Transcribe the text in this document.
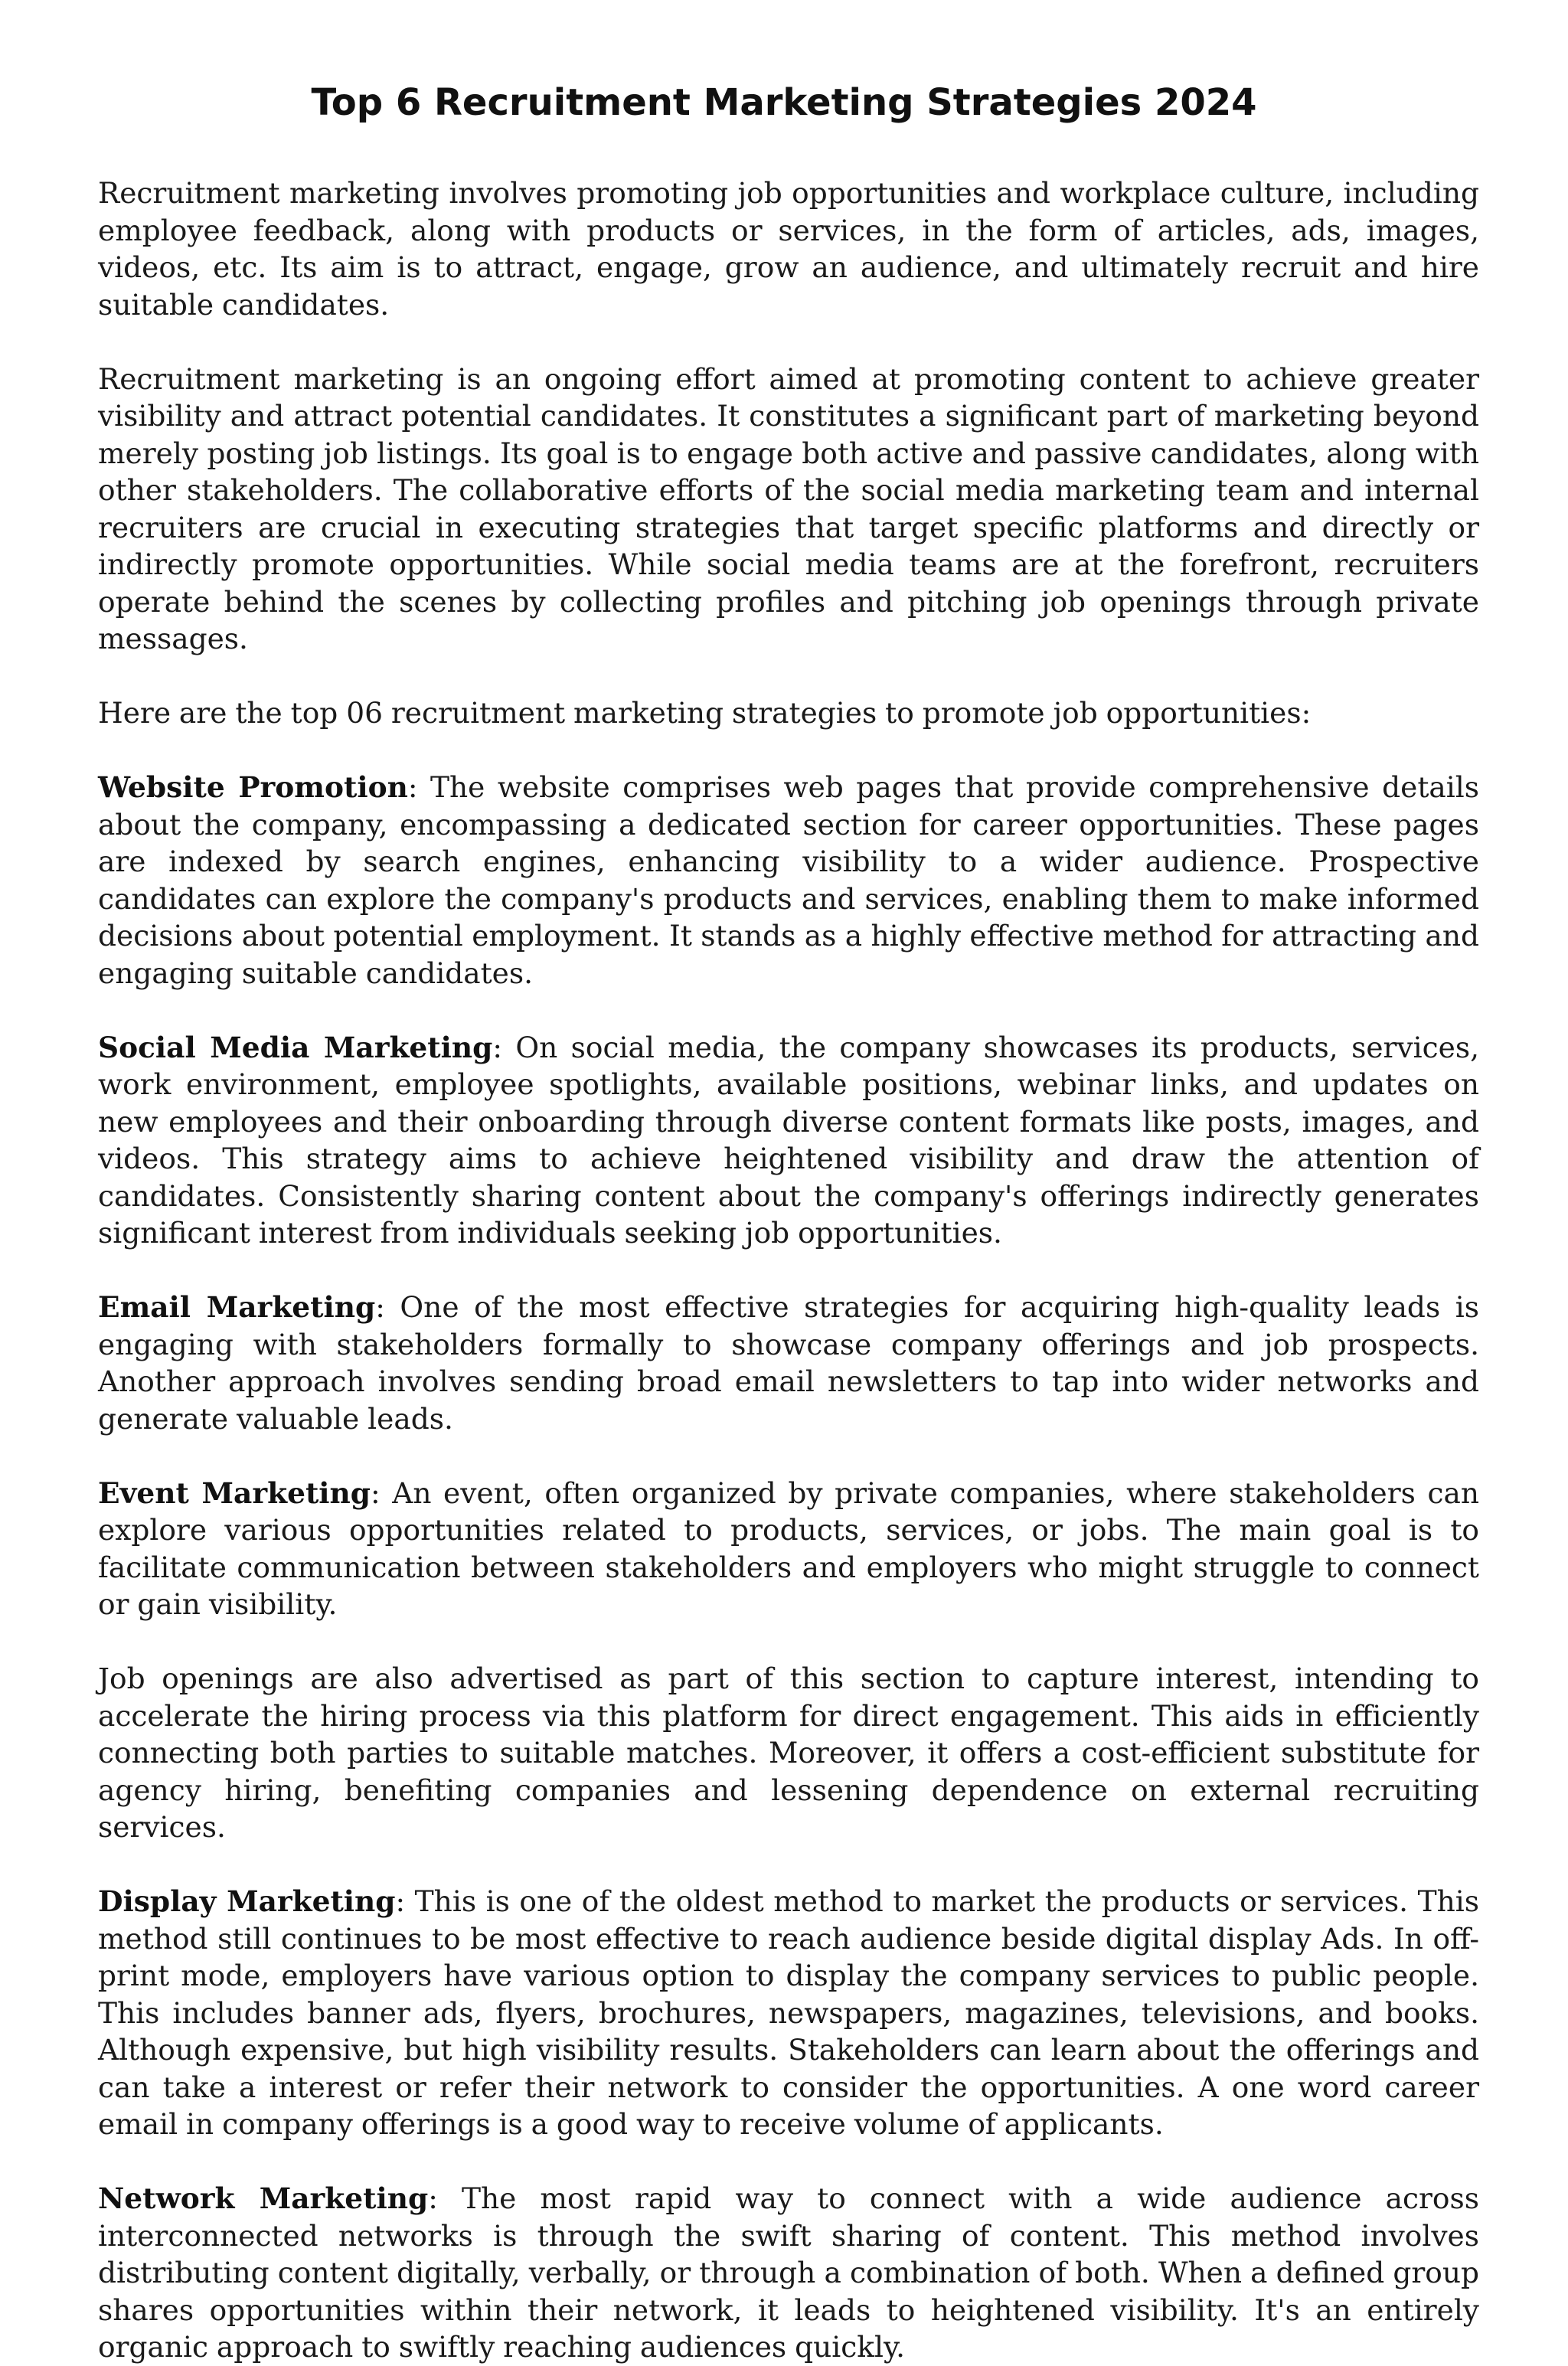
Top 6 Recruitment Marketing Strategies 2024

Recruitment marketing involves promoting job opportunities and workplace culture, including employee feedback, along with products or services, in the form of articles, ads, images, videos, etc. Its aim is to attract, engage, grow an audience, and ultimately recruit and hire suitable candidates.

Recruitment marketing is an ongoing effort aimed at promoting content to achieve greater visibility and attract potential candidates. It constitutes a significant part of marketing beyond merely posting job listings. Its goal is to engage both active and passive candidates, along with other stakeholders. The collaborative efforts of the social media marketing team and internal recruiters are crucial in executing strategies that target specific platforms and directly or indirectly promote opportunities. While social media teams are at the forefront, recruiters operate behind the scenes by collecting profiles and pitching job openings through private messages.

Here are the top 06 recruitment marketing strategies to promote job opportunities:

Website Promotion: The website comprises web pages that provide comprehensive details about the company, encompassing a dedicated section for career opportunities. These pages are indexed by search engines, enhancing visibility to a wider audience. Prospective candidates can explore the company's products and services, enabling them to make informed decisions about potential employment. It stands as a highly effective method for attracting and engaging suitable candidates.

Social Media Marketing: On social media, the company showcases its products, services, work environment, employee spotlights, available positions, webinar links, and updates on new employees and their onboarding through diverse content formats like posts, images, and videos. This strategy aims to achieve heightened visibility and draw the attention of candidates. Consistently sharing content about the company's offerings indirectly generates significant interest from individuals seeking job opportunities.

Email Marketing: One of the most effective strategies for acquiring high-quality leads is engaging with stakeholders formally to showcase company offerings and job prospects. Another approach involves sending broad email newsletters to tap into wider networks and generate valuable leads.

Event Marketing: An event, often organized by private companies, where stakeholders can explore various opportunities related to products, services, or jobs. The main goal is to facilitate communication between stakeholders and employers who might struggle to connect or gain visibility.

Job openings are also advertised as part of this section to capture interest, intending to accelerate the hiring process via this platform for direct engagement. This aids in efficiently connecting both parties to suitable matches. Moreover, it offers a cost-efficient substitute for agency hiring, benefiting companies and lessening dependence on external recruiting services.

Display Marketing: This is one of the oldest method to market the products or services. This method still continues to be most effective to reach audience beside digital display Ads. In off-print mode, employers have various option to display the company services to public people. This includes banner ads, flyers, brochures, newspapers, magazines, televisions, and books. Although expensive, but high visibility results. Stakeholders can learn about the offerings and can take a interest or refer their network to consider the opportunities. A one word career email in company offerings is a good way to receive volume of applicants.

Network Marketing: The most rapid way to connect with a wide audience across interconnected networks is through the swift sharing of content. This method involves distributing content digitally, verbally, or through a combination of both. When a defined group shares opportunities within their network, it leads to heightened visibility. It's an entirely organic approach to swiftly reaching audiences quickly.
